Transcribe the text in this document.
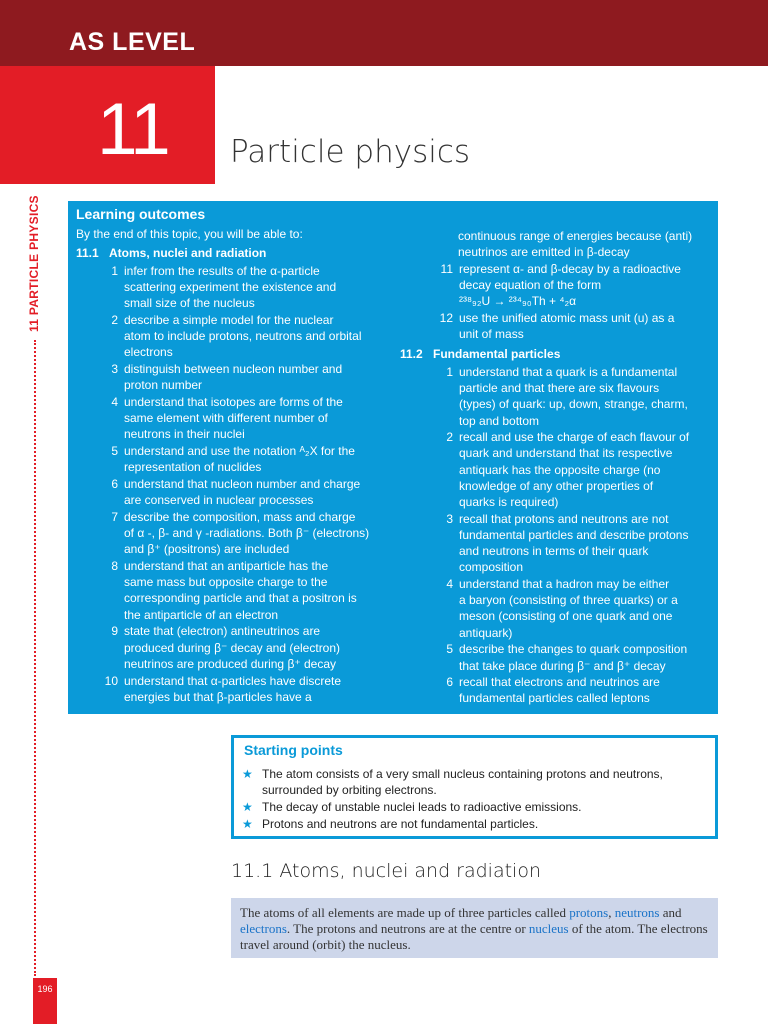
AS LEVEL
11 Particle physics
11 PARTICLE PHYSICS
196
Learning outcomes
By the end of this topic, you will be able to:
11.1 Atoms, nuclei and radiation
1 infer from the results of the α-particle
scattering experiment the existence and
small size of the nucleus
2 describe a simple model for the nuclear
atom to include protons, neutrons and orbital
electrons
3 distinguish between nucleon number and
proton number
4 understand that isotopes are forms of the
same element with different number of
neutrons in their nuclei
5 understand and use the notation ᴬ₂X for the
representation of nuclides
6 understand that nucleon number and charge
are conserved in nuclear processes
7 describe the composition, mass and charge
of α -, β- and γ -radiations. Both β⁻ (electrons)
and β⁺ (positrons) are included
8 understand that an antiparticle has the
same mass but opposite charge to the
corresponding particle and that a positron is
the antiparticle of an electron
9 state that (electron) antineutrinos are
produced during β⁻ decay and (electron)
neutrinos are produced during β⁺ decay
10 understand that α-particles have discrete
energies but that β-particles have a
continuous range of energies because (anti)
neutrinos are emitted in β-decay
11 represent α- and β-decay by a radioactive
decay equation of the form
²³⁸₉₂U → ²³⁴₉₀Th + ⁴₂α
12 use the unified atomic mass unit (u) as a
unit of mass
11.2 Fundamental particles
1 understand that a quark is a fundamental
particle and that there are six flavours
(types) of quark: up, down, strange, charm,
top and bottom
2 recall and use the charge of each flavour of
quark and understand that its respective
antiquark has the opposite charge (no
knowledge of any other properties of
quarks is required)
3 recall that protons and neutrons are not
fundamental particles and describe protons
and neutrons in terms of their quark
composition
4 understand that a hadron may be either
a baryon (consisting of three quarks) or a
meson (consisting of one quark and one
antiquark)
5 describe the changes to quark composition
that take place during β⁻ and β⁺ decay
6 recall that electrons and neutrinos are
fundamental particles called leptons
Starting points
★ The atom consists of a very small nucleus containing protons and neutrons,
surrounded by orbiting electrons.
★ The decay of unstable nuclei leads to radioactive emissions.
★ Protons and neutrons are not fundamental particles.
11.1 Atoms, nuclei and radiation
The atoms of all elements are made up of three particles called protons, neutrons and electrons. The protons and neutrons are at the centre or nucleus of the atom. The electrons travel around (orbit) the nucleus.
